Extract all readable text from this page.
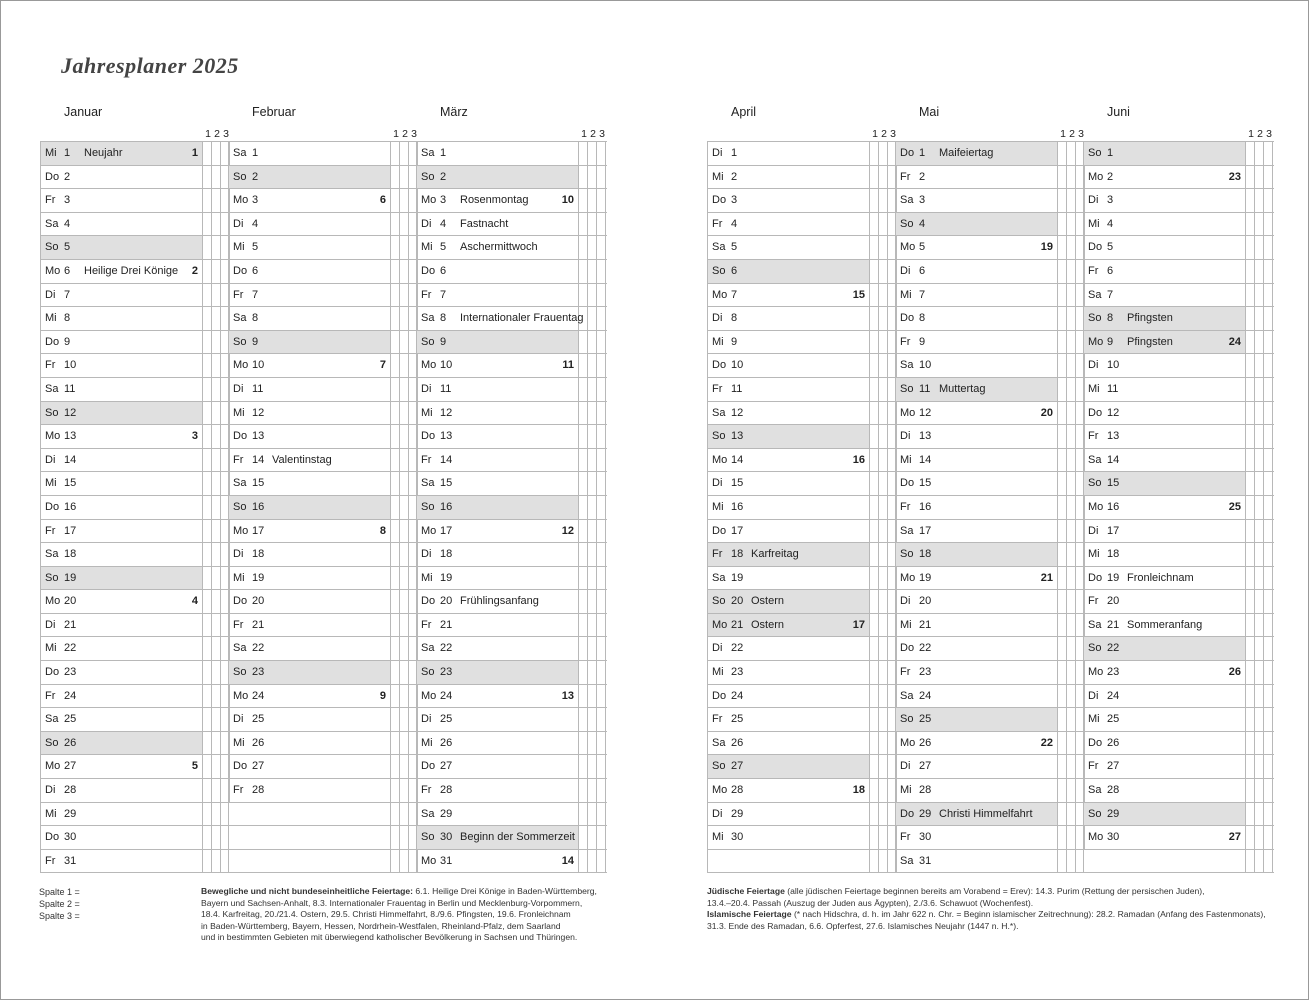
Jahresplaner 2025
Januar
1 2 3
Mi 1 Neujahr	1
Do 2
Fr 3
Sa 4
So 5
Mo 6 Heilige Drei Könige 2
Di 7
Mi 8
Do 9
Fr 10
Sa 11
So 12
Mo 13	3
Di 14
Mi 15
Do 16
Fr 17
Sa 18
So 19
Mo 20	4
Di 21
Mi 22
Do 23
Fr 24
Sa 25
So 26
Mo 27	5
Di 28
Mi 29
Do 30
Fr 31
Februar
1 2 3
Sa 1
So 2
Mo 3	6
Di 4
Mi 5
Do 6
Fr 7
Sa 8
So 9
Mo 10	7
Di 11
Mi 12
Do 13
Fr 14 Valentinstag
Sa 15
So 16
Mo 17	8
Di 18
Mi 19
Do 20
Fr 21
Sa 22
So 23
Mo 24	9
Di 25
Mi 26
Do 27
Fr 28
März
1 2 3
Sa 1
So 2
Mo 3 Rosenmontag	10
Di 4 Fastnacht
Mi 5 Aschermittwoch
Do 6
Fr 7
Sa 8 Internationaler Frauentag
So 9
Mo 10	11
Di 11
Mi 12
Do 13
Fr 14
Sa 15
So 16
Mo 17	12
Di 18
Mi 19
Do 20 Frühlingsanfang
Fr 21
Sa 22
So 23
Mo 24	13
Di 25
Mi 26
Do 27
Fr 28
Sa 29
So 30 Beginn der Sommerzeit
Mo 31	14
April
1 2 3
Di 1
Mi 2
Do 3
Fr 4
Sa 5
So 6
Mo 7	15
Di 8
Mi 9
Do 10
Fr 11
Sa 12
So 13
Mo 14	16
Di 15
Mi 16
Do 17
Fr 18 Karfreitag
Sa 19
So 20 Ostern
Mo 21 Ostern	17
Di 22
Mi 23
Do 24
Fr 25
Sa 26
So 27
Mo 28	18
Di 29
Mi 30
Mai
1 2 3
Do 1 Maifeiertag
Fr 2
Sa 3
So 4
Mo 5	19
Di 6
Mi 7
Do 8
Fr 9
Sa 10
So 11 Muttertag
Mo 12	20
Di 13
Mi 14
Do 15
Fr 16
Sa 17
So 18
Mo 19	21
Di 20
Mi 21
Do 22
Fr 23
Sa 24
So 25
Mo 26	22
Di 27
Mi 28
Do 29 Christi Himmelfahrt
Fr 30
Sa 31
Juni
1 2 3
So 1
Mo 2	23
Di 3
Mi 4
Do 5
Fr 6
Sa 7
So 8 Pfingsten
Mo 9 Pfingsten	24
Di 10
Mi 11
Do 12
Fr 13
Sa 14
So 15
Mo 16	25
Di 17
Mi 18
Do 19 Fronleichnam
Fr 20
Sa 21 Sommeranfang
So 22
Mo 23	26
Di 24
Mi 25
Do 26
Fr 27
Sa 28
So 29
Mo 30	27
Spalte 1 =
Spalte 2 =
Spalte 3 =
Bewegliche und nicht bundeseinheitliche Feiertage: 6.1. Heilige Drei Könige in Baden-Württemberg,
Bayern und Sachsen-Anhalt, 8.3. Internationaler Frauentag in Berlin und Mecklenburg-Vorpommern,
18.4. Karfreitag, 20./21.4. Ostern, 29.5. Christi Himmelfahrt, 8./9.6. Pfingsten, 19.6. Fronleichnam
in Baden-Württemberg, Bayern, Hessen, Nordrhein-Westfalen, Rheinland-Pfalz, dem Saarland
und in bestimmten Gebieten mit überwiegend katholischer Bevölkerung in Sachsen und Thüringen.
Jüdische Feiertage (alle jüdischen Feiertage beginnen bereits am Vorabend = Erev): 14.3. Purim (Rettung der persischen Juden),
13.4.–20.4. Passah (Auszug der Juden aus Ägypten), 2./3.6. Schawuot (Wochenfest).
Islamische Feiertage (* nach Hidschra, d. h. im Jahr 622 n. Chr. = Beginn islamischer Zeitrechnung): 28.2. Ramadan (Anfang des Fastenmonats),
31.3. Ende des Ramadan, 6.6. Opferfest, 27.6. Islamisches Neujahr (1447 n. H.*).
